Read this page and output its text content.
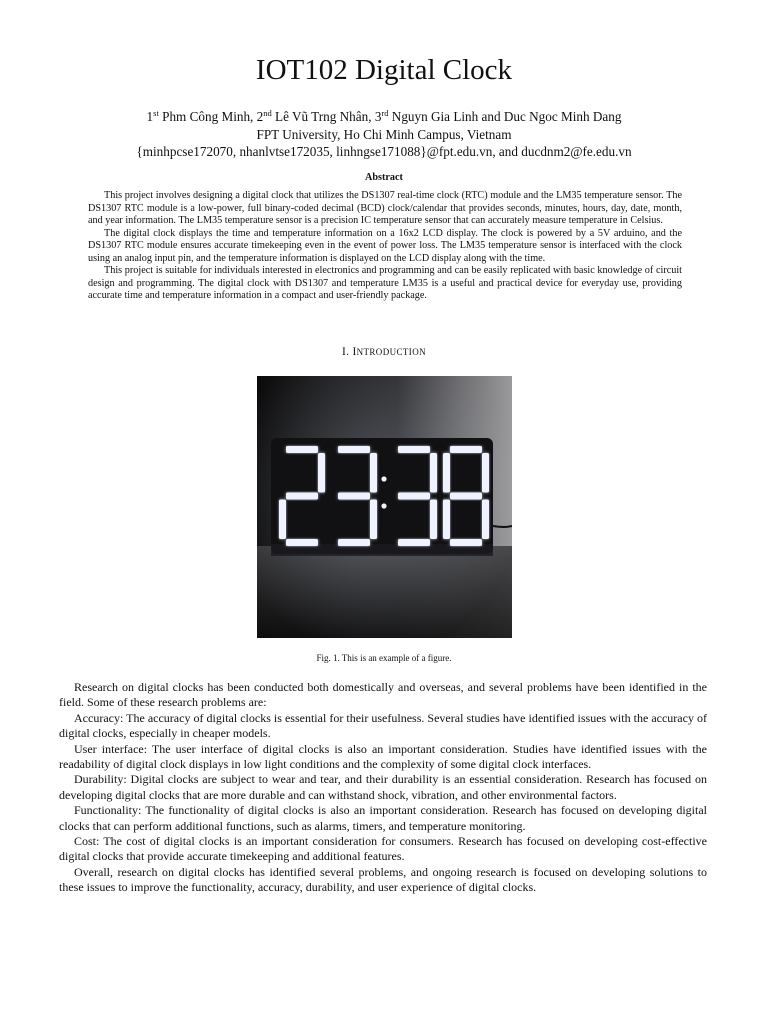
IOT102 Digital Clock
1st Phm Công Minh, 2nd Lê Vũ Trng Nhân, 3rd Nguyn Gia Linh and Duc Ngoc Minh Dang
FPT University, Ho Chi Minh Campus, Vietnam
{minhpcse172070, nhanlvtse172035, linhngse171088}@fpt.edu.vn, and ducdnm2@fe.edu.vn
Abstract

This project involves designing a digital clock that utilizes the DS1307 real-time clock (RTC) module and the LM35 temperature sensor. The DS1307 RTC module is a low-power, full binary-coded decimal (BCD) clock/calendar that provides seconds, minutes, hours, day, date, month, and year information. The LM35 temperature sensor is a precision IC temperature sensor that can accurately measure temperature in Celsius.

The digital clock displays the time and temperature information on a 16x2 LCD display. The clock is powered by a 5V arduino, and the DS1307 RTC module ensures accurate timekeeping even in the event of power loss. The LM35 temperature sensor is interfaced with the clock using an analog input pin, and the temperature information is displayed on the LCD display along with the time.

This project is suitable for individuals interested in electronics and programming and can be easily replicated with basic knowledge of circuit design and programming. The digital clock with DS1307 and temperature LM35 is a useful and practical device for everyday use, providing accurate time and temperature information in a compact and user-friendly package.

I. INTRODUCTION
Fig. 1. This is an example of a figure.

Research on digital clocks has been conducted both domestically and overseas, and several problems have been identified in the field. Some of these research problems are:

Accuracy: The accuracy of digital clocks is essential for their usefulness. Several studies have identified issues with the accuracy of digital clocks, especially in cheaper models.

User interface: The user interface of digital clocks is also an important consideration. Studies have identified issues with the readability of digital clock displays in low light conditions and the complexity of some digital clock interfaces.

Durability: Digital clocks are subject to wear and tear, and their durability is an essential consideration. Research has focused on developing digital clocks that are more durable and can withstand shock, vibration, and other environmental factors.

Functionality: The functionality of digital clocks is also an important consideration. Research has focused on developing digital clocks that can perform additional functions, such as alarms, timers, and temperature monitoring.

Cost: The cost of digital clocks is an important consideration for consumers. Research has focused on developing cost-effective digital clocks that provide accurate timekeeping and additional features.

Overall, research on digital clocks has identified several problems, and ongoing research is focused on developing solutions to these issues to improve the functionality, accuracy, durability, and user experience of digital clocks.
